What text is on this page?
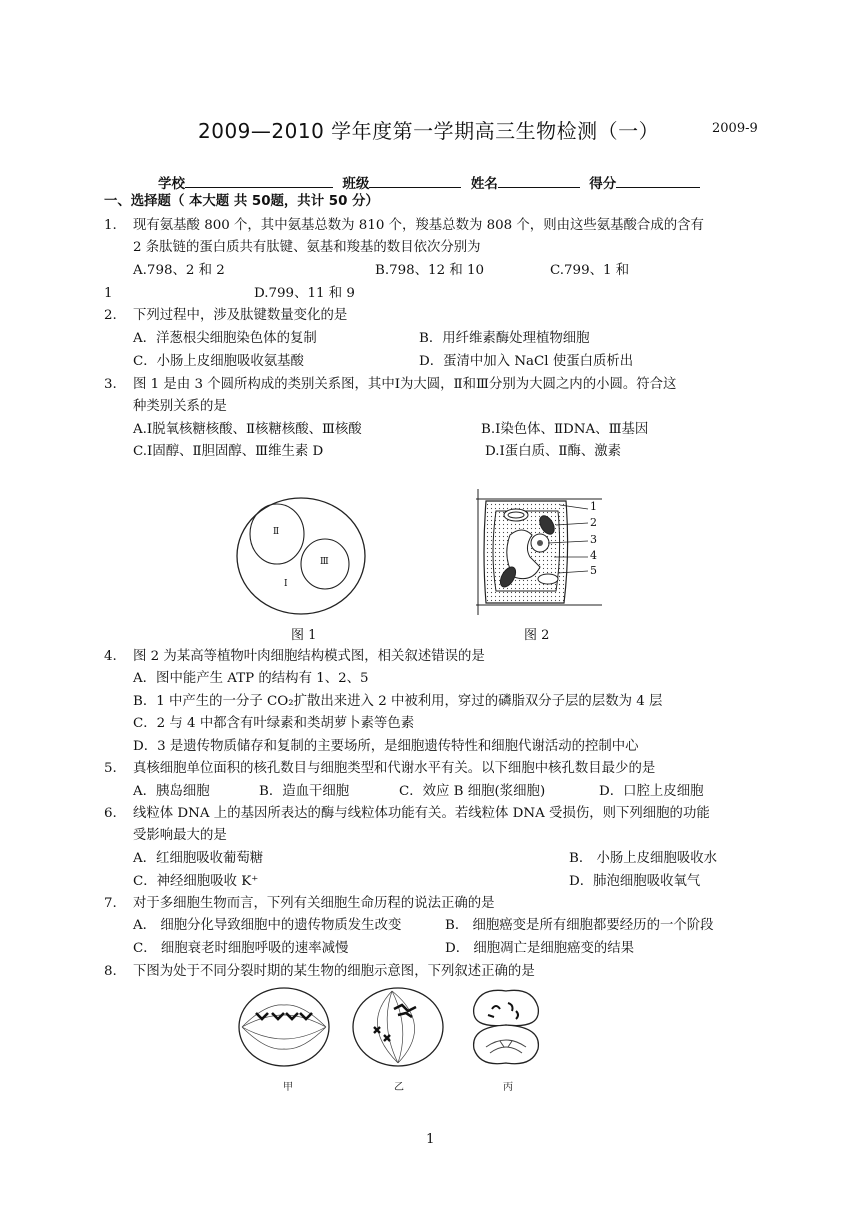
2009—2010 学年度第一学期高三生物检测（一）	2009-9
学校	班级	姓名	得分
一、选择题（ 本大题 共 50题，共计 50 分）
1. 现有氨基酸 800 个，其中氨基总数为 810 个，羧基总数为 808 个，则由这些氨基酸合成的含有
2 条肽链的蛋白质共有肽键、氨基和羧基的数目依次分别为
A.798、2 和 2	B.798、12 和 10	C.799、1 和
1	D.799、11 和 9
2. 下列过程中，涉及肽键数量变化的是
A．洋葱根尖细胞染色体的复制	B．用纤维素酶处理植物细胞
C．小肠上皮细胞吸收氨基酸	D．蛋清中加入 NaCl 使蛋白质析出
3. 图 1 是由 3 个圆所构成的类别关系图，其中Ⅰ为大圆，Ⅱ和Ⅲ分别为大圆之内的小圆。符合这
种类别关系的是
A.Ⅰ脱氧核糖核酸、Ⅱ核糖核酸、Ⅲ核酸	B.Ⅰ染色体、ⅡDNA、Ⅲ基因
C.Ⅰ固醇、Ⅱ胆固醇、Ⅲ维生素 D	D.Ⅰ蛋白质、Ⅱ酶、激素
Ⅱ
Ⅲ
Ⅰ
图 1
1
2
3
4
5
图 2
4. 图 2 为某高等植物叶肉细胞结构模式图，相关叙述错误的是
A．图中能产生 ATP 的结构有 1、2、5
B．1 中产生的一分子 CO₂扩散出来进入 2 中被利用，穿过的磷脂双分子层的层数为 4 层
C．2 与 4 中都含有叶绿素和类胡萝卜素等色素
D．3 是遗传物质储存和复制的主要场所，是细胞遗传特性和细胞代谢活动的控制中心
5. 真核细胞单位面积的核孔数目与细胞类型和代谢水平有关。以下细胞中核孔数目最少的是
A．胰岛细胞	B．造血干细胞	C．效应 B 细胞(浆细胞)	D．口腔上皮细胞
6. 线粒体 DNA 上的基因所表达的酶与线粒体功能有关。若线粒体 DNA 受损伤，则下列细胞的功能
受影响最大的是
A．红细胞吸收葡萄糖	B． 小肠上皮细胞吸收水
C．神经细胞吸收 K⁺	D．肺泡细胞吸收氧气
7. 对于多细胞生物而言，下列有关细胞生命历程的说法正确的是
A． 细胞分化导致细胞中的遗传物质发生改变	B． 细胞癌变是所有细胞都要经历的一个阶段
C． 细胞衰老时细胞呼吸的速率减慢	D． 细胞凋亡是细胞癌变的结果
8. 下图为处于不同分裂时期的某生物的细胞示意图，下列叙述正确的是
甲	乙	丙
1
